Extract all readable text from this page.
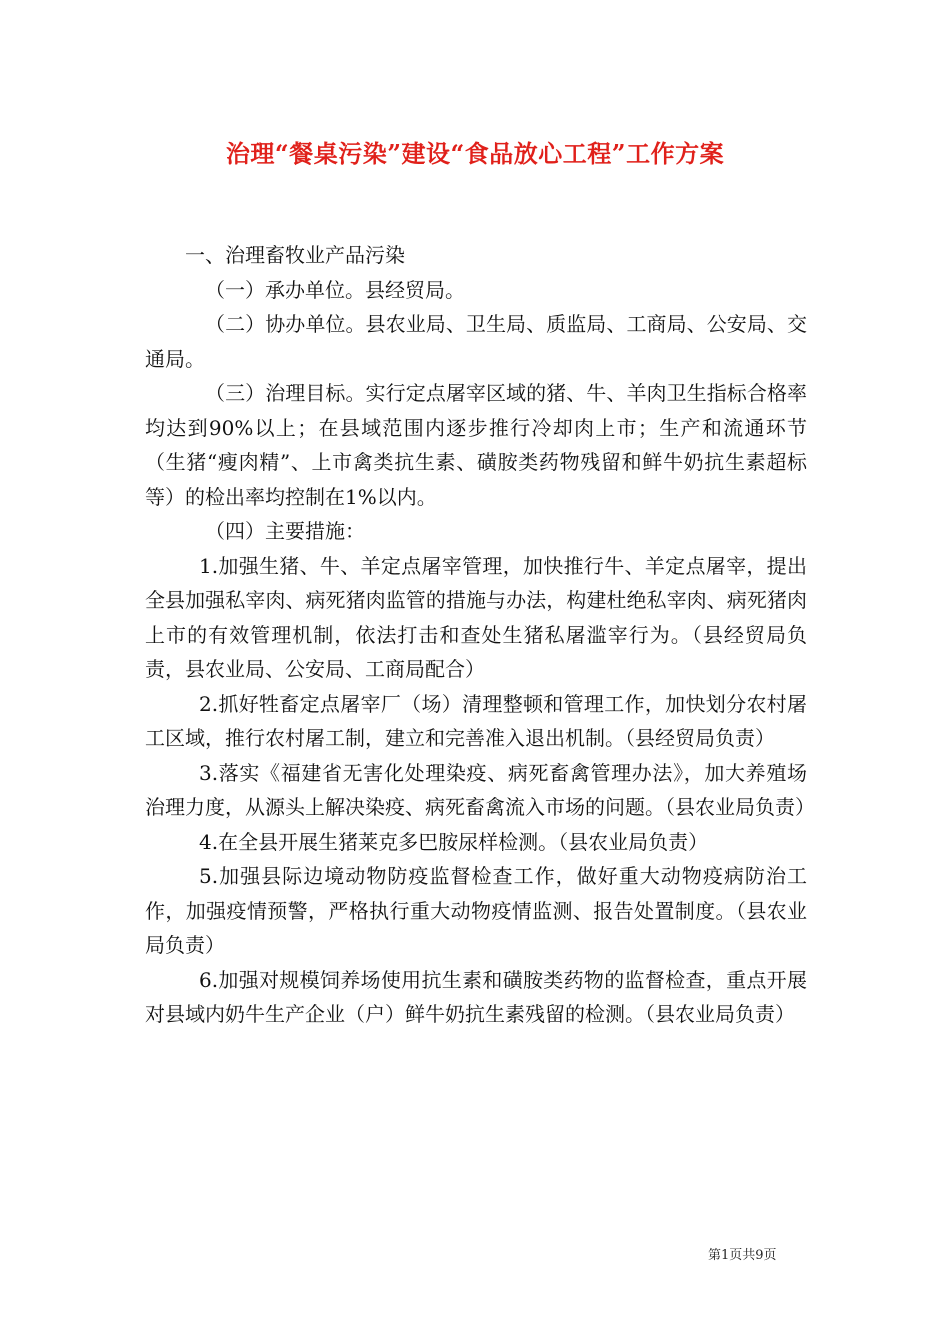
治理“餐桌污染”建设“食品放心工程”工作方案

一、治理畜牧业产品污染

（一）承办单位。县经贸局。

（二）协办单位。县农业局、卫生局、质监局、工商局、公安局、交通局。

（三）治理目标。实行定点屠宰区域的猪、牛、羊肉卫生指标合格率均达到90%以上；在县域范围内逐步推行冷却肉上市；生产和流通环节（生猪“瘦肉精”、上市禽类抗生素、磺胺类药物残留和鲜牛奶抗生素超标等）的检出率均控制在1%以内。

（四）主要措施：

1.加强生猪、牛、羊定点屠宰管理，加快推行牛、羊定点屠宰，提出全县加强私宰肉、病死猪肉监管的措施与办法，构建杜绝私宰肉、病死猪肉上市的有效管理机制，依法打击和查处生猪私屠滥宰行为。（县经贸局负责，县农业局、公安局、工商局配合）

2.抓好牲畜定点屠宰厂（场）清理整顿和管理工作，加快划分农村屠工区域，推行农村屠工制，建立和完善准入退出机制。（县经贸局负责）

3.落实《福建省无害化处理染疫、病死畜禽管理办法》，加大养殖场治理力度，从源头上解决染疫、病死畜禽流入市场的问题。（县农业局负责）

4.在全县开展生猪莱克多巴胺尿样检测。（县农业局负责）

5.加强县际边境动物防疫监督检查工作，做好重大动物疫病防治工作，加强疫情预警，严格执行重大动物疫情监测、报告处置制度。（县农业局负责）

6.加强对规模饲养场使用抗生素和磺胺类药物的监督检查，重点开展对县域内奶牛生产企业（户）鲜牛奶抗生素残留的检测。（县农业局负责）

第1页共9页
